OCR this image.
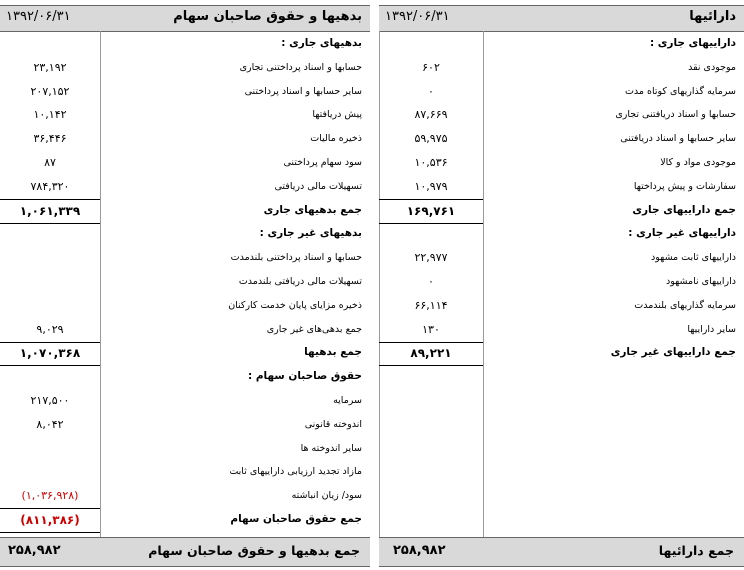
بدهیها و حقوق صاحبان سهام
۱۳۹۲/۰۶/۳۱
بدهیهای جاری :
حسابها و اسناد پرداختنی تجاری
۲۳,۱۹۲
سایر حسابها و اسناد پرداختنی
۲۰۷,۱۵۲
پیش دریافتها
۱۰,۱۴۲
ذخیره مالیات
۳۶,۴۴۶
سود سهام پرداختنی
۸۷
تسهیلات مالی دریافتی
۷۸۴,۳۲۰
جمع بدهیهای جاری
۱,۰۶۱,۳۳۹
بدهیهای غیر جاری :
حسابها و اسناد پرداختنی بلندمدت
تسهیلات مالی دریافتی بلندمدت
ذخیره مزایای پایان خدمت کارکنان
جمع بدهی‌های غیر جاری
۹,۰۲۹
جمع بدهیها
۱,۰۷۰,۳۶۸
حقوق صاحبان سهام :
سرمایه
۲۱۷,۵۰۰
اندوخته قانونی
۸,۰۴۲
سایر اندوخته ها
مازاد تجدید ارزیابی داراییهای ثابت
سود/ زیان انباشته
(۱,۰۳۶,۹۲۸)
جمع حقوق صاحبان سهام
(۸۱۱,۳۸۶)
جمع بدهیها و حقوق صاحبان سهام
۲۵۸,۹۸۲
دارائیها
۱۳۹۲/۰۶/۳۱
داراییهای جاری :
موجودی نقد
۶۰۲
سرمایه گذاریهای کوتاه مدت
۰
حسابها و اسناد دریافتنی تجاری
۸۷,۶۶۹
سایر حسابها و اسناد دریافتنی
۵۹,۹۷۵
موجودی مواد و کالا
۱۰,۵۳۶
سفارشات و پیش پرداختها
۱۰,۹۷۹
جمع داراییهای جاری
۱۶۹,۷۶۱
داراییهای غیر جاری :
داراییهای ثابت مشهود
۲۲,۹۷۷
داراییهای نامشهود
۰
سرمایه گذاریهای بلندمدت
۶۶,۱۱۴
سایر داراییها
۱۳۰
جمع داراییهای غیر جاری
۸۹,۲۲۱
جمع دارائیها
۲۵۸,۹۸۲
